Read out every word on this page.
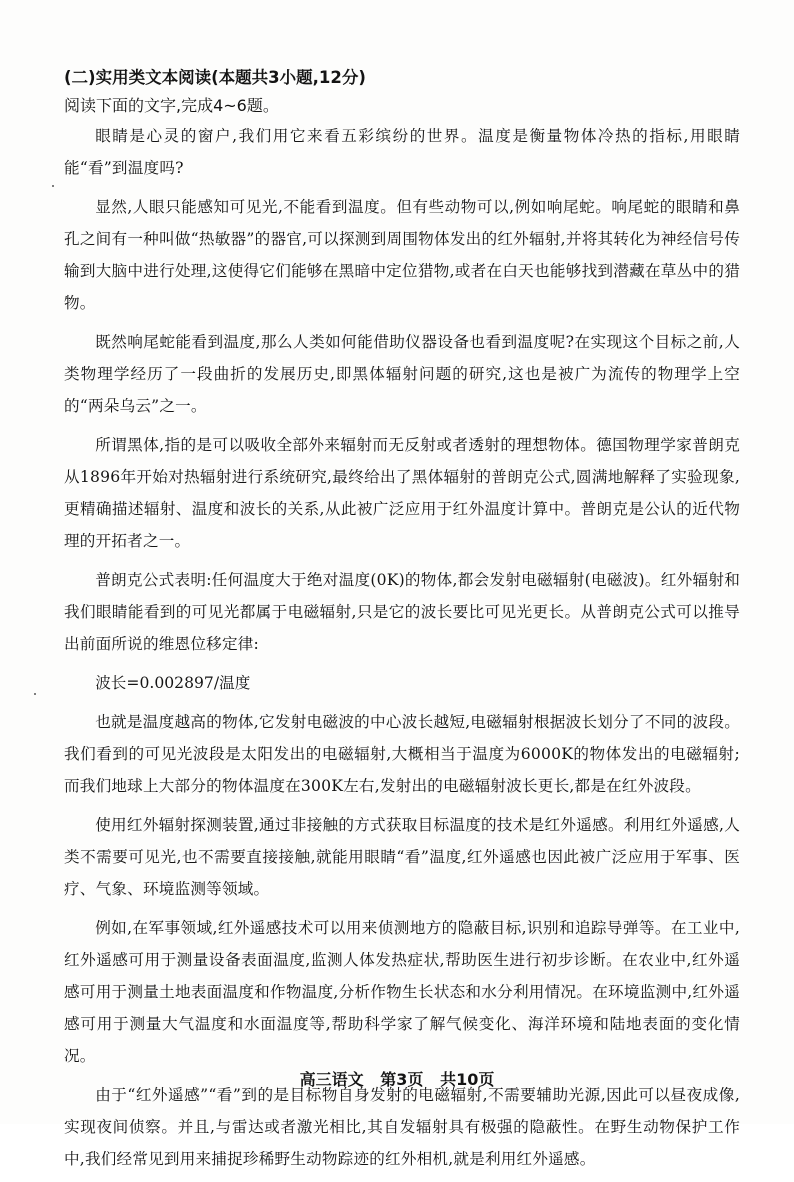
(二)实用类文本阅读(本题共3小题,12分)

阅读下面的文字,完成4~6题。

眼睛是心灵的窗户,我们用它来看五彩缤纷的世界。温度是衡量物体冷热的指标,用眼睛能“看”到温度吗?

显然,人眼只能感知可见光,不能看到温度。但有些动物可以,例如响尾蛇。响尾蛇的眼睛和鼻孔之间有一种叫做“热敏器”的器官,可以探测到周围物体发出的红外辐射,并将其转化为神经信号传输到大脑中进行处理,这使得它们能够在黑暗中定位猎物,或者在白天也能够找到潜藏在草丛中的猎物。

既然响尾蛇能看到温度,那么人类如何能借助仪器设备也看到温度呢?在实现这个目标之前,人类物理学经历了一段曲折的发展历史,即黑体辐射问题的研究,这也是被广为流传的物理学上空的“两朵乌云”之一。

所谓黑体,指的是可以吸收全部外来辐射而无反射或者透射的理想物体。德国物理学家普朗克从1896年开始对热辐射进行系统研究,最终给出了黑体辐射的普朗克公式,圆满地解释了实验现象,更精确描述辐射、温度和波长的关系,从此被广泛应用于红外温度计算中。普朗克是公认的近代物理的开拓者之一。

普朗克公式表明:任何温度大于绝对温度(0K)的物体,都会发射电磁辐射(电磁波)。红外辐射和我们眼睛能看到的可见光都属于电磁辐射,只是它的波长要比可见光更长。从普朗克公式可以推导出前面所说的维恩位移定律:

波长=0.002897/温度

也就是温度越高的物体,它发射电磁波的中心波长越短,电磁辐射根据波长划分了不同的波段。我们看到的可见光波段是太阳发出的电磁辐射,大概相当于温度为6000K的物体发出的电磁辐射;而我们地球上大部分的物体温度在300K左右,发射出的电磁辐射波长更长,都是在红外波段。

使用红外辐射探测装置,通过非接触的方式获取目标温度的技术是红外遥感。利用红外遥感,人类不需要可见光,也不需要直接接触,就能用眼睛“看”温度,红外遥感也因此被广泛应用于军事、医疗、气象、环境监测等领域。

例如,在军事领域,红外遥感技术可以用来侦测地方的隐蔽目标,识别和追踪导弹等。在工业中,红外遥感可用于测量设备表面温度,监测人体发热症状,帮助医生进行初步诊断。在农业中,红外遥感可用于测量土地表面温度和作物温度,分析作物生长状态和水分利用情况。在环境监测中,红外遥感可用于测量大气温度和水面温度等,帮助科学家了解气候变化、海洋环境和陆地表面的变化情况。

由于“红外遥感”“看”到的是目标物自身发射的电磁辐射,不需要辅助光源,因此可以昼夜成像,实现夜间侦察。并且,与雷达或者激光相比,其自发辐射具有极强的隐蔽性。在野生动物保护工作中,我们经常见到用来捕捉珍稀野生动物踪迹的红外相机,就是利用红外遥感。

高三语文   第3页   共10页
